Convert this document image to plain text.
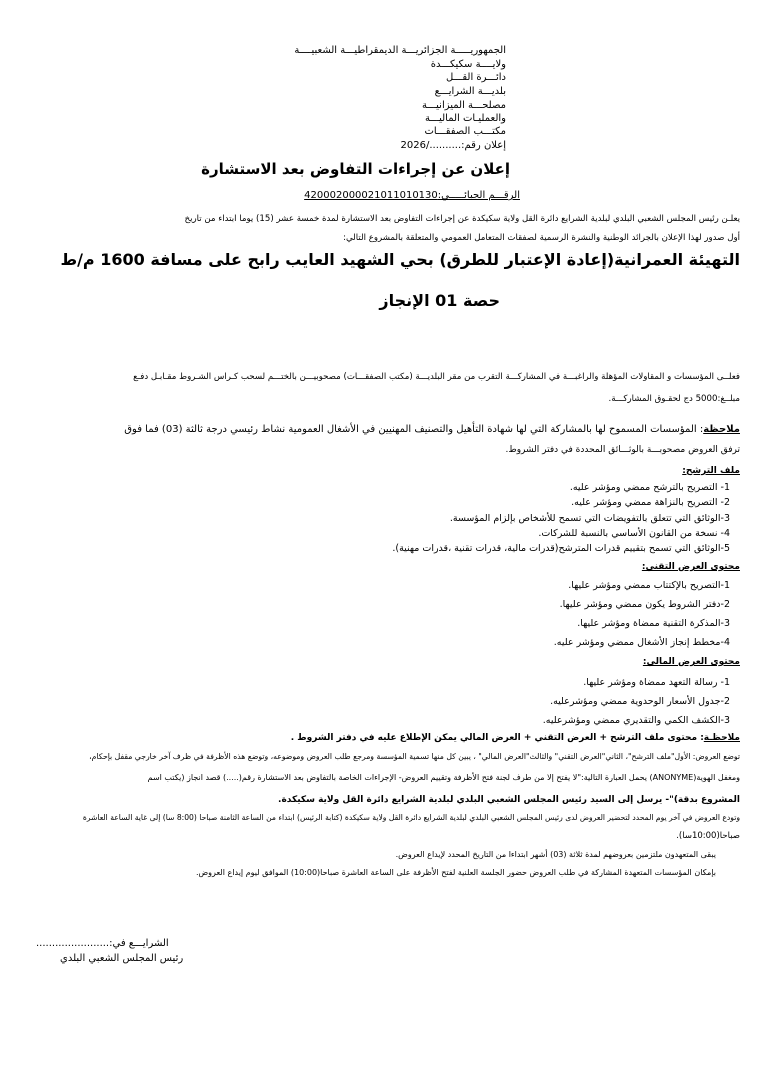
الجمهوريـــــة الجزائريـــة الديمقراطيـــة الشعبيــــة
ولايــــة سكيكـــدة
دائـــرة القـــل
بلديـــة الشرايـــع
مصلحـــة الميزانيـــة
والعمليـات الماليـــة
مكتـــب الصفقـــات
إعلان رقم:........../2026
إعلان عن إجراءات التفاوض بعد الاستشارة
الرقـــم الجبائـــــي:420002000021011010130
يعلـن رئيس المجلس الشعبي البلدي لبلدية الشرايع دائرة القل ولاية سكيكدة عن إجراءات التفاوض بعد الاستشارة لمدة خمسة عشر (15) يوما ابتداء من تاريخ
أول صدور لهذا الإعلان بالجرائد الوطنية والنشرة الرسمية لصفقات المتعامل العمومي والمتعلقة بالمشروع التالي:
التهيئة العمرانية(إعادة الإعتبار للطرق) بحي الشهيد العايب رابح على مسافة 1600 م/ط
حصة 01 الإنجاز
فعلــى المؤسسات و المقاولات المؤهلة والراغبـــة في المشاركـــة التقرب من مقر البلديـــة (مكتب الصفقـــات) مصحوبيـــن بالختـــم لسحب كـراس الشـروط مقـابـل دفـع
مبلــغ:5000 دج لحقـوق المشاركـــة.
ملاحظة: المؤسسات المسموح لها بالمشاركة التي لها شهادة التأهيل والتصنيف المهنيين في الأشغال العمومية نشاط رئيسي درجة ثالثة (03) فما فوق
ترفق العروض مصحوبـــة بالوثـــائق المحددة في دفتر الشروط.
ملف الترشح:
1- التصريح بالترشح ممضي ومؤشر عليه.
2- التصريح بالنزاهة ممضي ومؤشر عليه.
3-الوثائق التي تتعلق بالتفويضات التي تسمح للأشخاص بإلزام المؤسسة.
4- نسخة من القانون الأساسي بالنسبة للشركات.
5-الوثائق التي تسمح بتقييم قدرات المترشح(قدرات مالية، قدرات تقنية ،قدرات مهنية).
محتوى العرض التقني:
1-التصريح بالإكتتاب ممضي ومؤشر عليها.
2-دفتر الشروط يكون ممضي ومؤشر عليها.
3-المذكرة التقنية ممضاة ومؤشر عليها.
4-مخطط إنجاز الأشغال ممضي ومؤشر عليه.
محتوى العرض المالي:
1- رسالة التعهد ممضاة ومؤشر عليها.
2-جدول الأسعار الوحدوية ممضي ومؤشرعليه.
3-الكشف الكمي والتقديري ممضي ومؤشرعليه.
ملاحظـة: محتوى ملف الترشح + العرض التقني + العرض المالي يمكن الإطلاع عليه في دفتر الشروط .
توضع العروض: الأول"ملف الترشح"، الثاني"العرض التقني" والثالث"العرض المالي" ، يبين كل منها تسمية المؤسسة ومرجع طلب العروض وموضوعه، وتوضع هذه الأظرفة في ظرف آخر خارجي مقفل بإحكام،
ومغفل الهوية(ANONYME) يحمل العبارة التالية:"لا يفتح إلا من طرف لجنة فتح الأظرفة وتقييم العروض- الإجراءات الخاصة بالتفاوض بعد الاستشارة رقم(.....) قصد انجاز (يكتب اسم
المشروع بدقة)"- يرسل إلى السيد رئيس المجلس الشعبي البلدي لبلدية الشرايع دائرة القل ولاية سكيكدة.
وتودع العروض في آخر يوم المحدد لتحضير العروض لدى رئيس المجلس الشعبي البلدي لبلدية الشرايع دائرة القل ولاية سكيكدة (كتابة الرئيس) ابتداء من الساعة الثامنة صباحا (8:00 سا) إلى غاية الساعة العاشرة
صباحا(10:00سا).
يبقى المتعهدون ملتزمين بعروضهم لمدة ثلاثة (03) أشهر ابتداءا من التاريخ المحدد لإيداع العروض.
بإمكان المؤسسات المتعهدة المشاركة في طلب العروض حضور الجلسة العلنية لفتح الأظرفة على الساعة العاشرة صباحا(10:00) الموافق ليوم إيداع العروض.
الشرايـــع في:.......................
رئيس المجلس الشعبي البلدي
